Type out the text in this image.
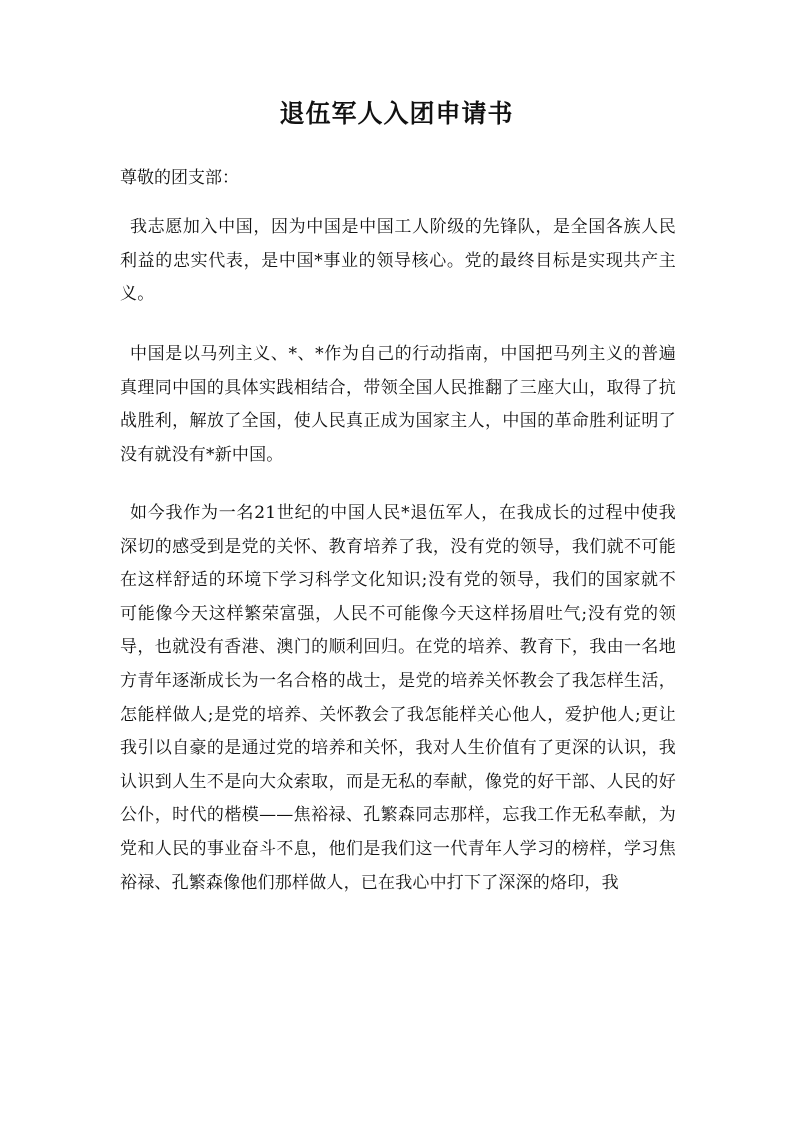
退伍军人入团申请书

尊敬的团支部：

我志愿加入中国，因为中国是中国工人阶级的先锋队，是全国各族人民利益的忠实代表，是中国*事业的领导核心。党的最终目标是实现共产主义。

中国是以马列主义、*、*作为自己的行动指南，中国把马列主义的普遍真理同中国的具体实践相结合，带领全国人民推翻了三座大山，取得了抗战胜利，解放了全国，使人民真正成为国家主人，中国的革命胜利证明了没有就没有*新中国。

如今我作为一名21世纪的中国人民*退伍军人，在我成长的过程中使我深切的感受到是党的关怀、教育培养了我，没有党的领导，我们就不可能在这样舒适的环境下学习科学文化知识;没有党的领导，我们的国家就不可能像今天这样繁荣富强，人民不可能像今天这样扬眉吐气;没有党的领导，也就没有香港、澳门的顺利回归。在党的培养、教育下，我由一名地方青年逐渐成长为一名合格的战士，是党的培养关怀教会了我怎样生活，怎能样做人;是党的培养、关怀教会了我怎能样关心他人，爱护他人;更让我引以自豪的是通过党的培养和关怀，我对人生价值有了更深的认识，我认识到人生不是向大众索取，而是无私的奉献，像党的好干部、人民的好公仆，时代的楷模——焦裕禄、孔繁森同志那样，忘我工作无私奉献，为党和人民的事业奋斗不息，他们是我们这一代青年人学习的榜样，学习焦裕禄、孔繁森像他们那样做人，已在我心中打下了深深的烙印，我
